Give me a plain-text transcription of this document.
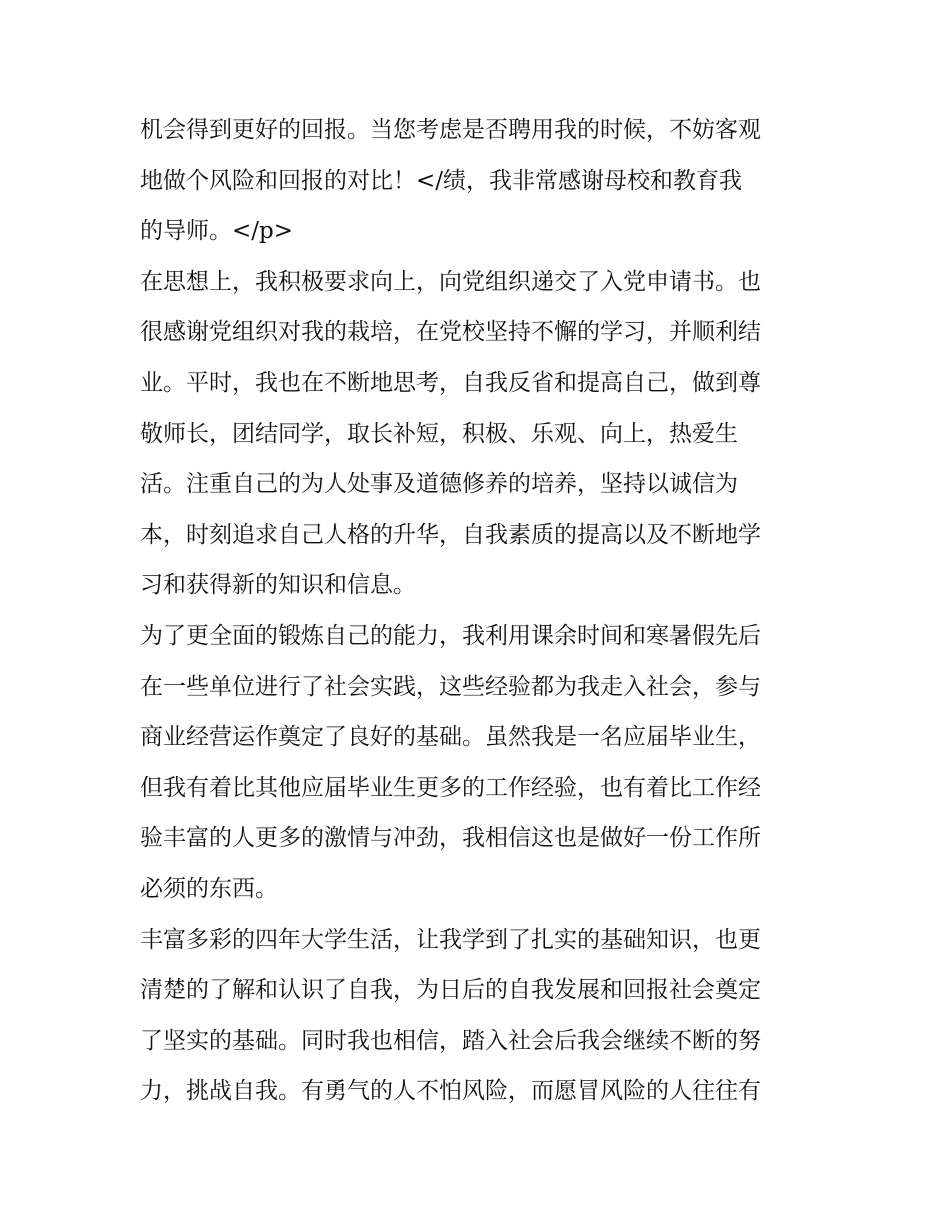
机会得到更好的回报。当您考虑是否聘用我的时候，不妨客观
地做个风险和回报的对比！</绩，我非常感谢母校和教育我
的导师。</p>
在思想上，我积极要求向上，向党组织递交了入党申请书。也
很感谢党组织对我的栽培，在党校坚持不懈的学习，并顺利结
业。平时，我也在不断地思考，自我反省和提高自己，做到尊
敬师长，团结同学，取长补短，积极、乐观、向上，热爱生
活。注重自己的为人处事及道德修养的培养，坚持以诚信为
本，时刻追求自己人格的升华，自我素质的提高以及不断地学
习和获得新的知识和信息。
为了更全面的锻炼自己的能力，我利用课余时间和寒暑假先后
在一些单位进行了社会实践，这些经验都为我走入社会，参与
商业经营运作奠定了良好的基础。虽然我是一名应届毕业生，
但我有着比其他应届毕业生更多的工作经验，也有着比工作经
验丰富的人更多的激情与冲劲，我相信这也是做好一份工作所
必须的东西。
丰富多彩的四年大学生活，让我学到了扎实的基础知识，也更
清楚的了解和认识了自我，为日后的自我发展和回报社会奠定
了坚实的基础。同时我也相信，踏入社会后我会继续不断的努
力，挑战自我。有勇气的人不怕风险，而愿冒风险的人往往有
